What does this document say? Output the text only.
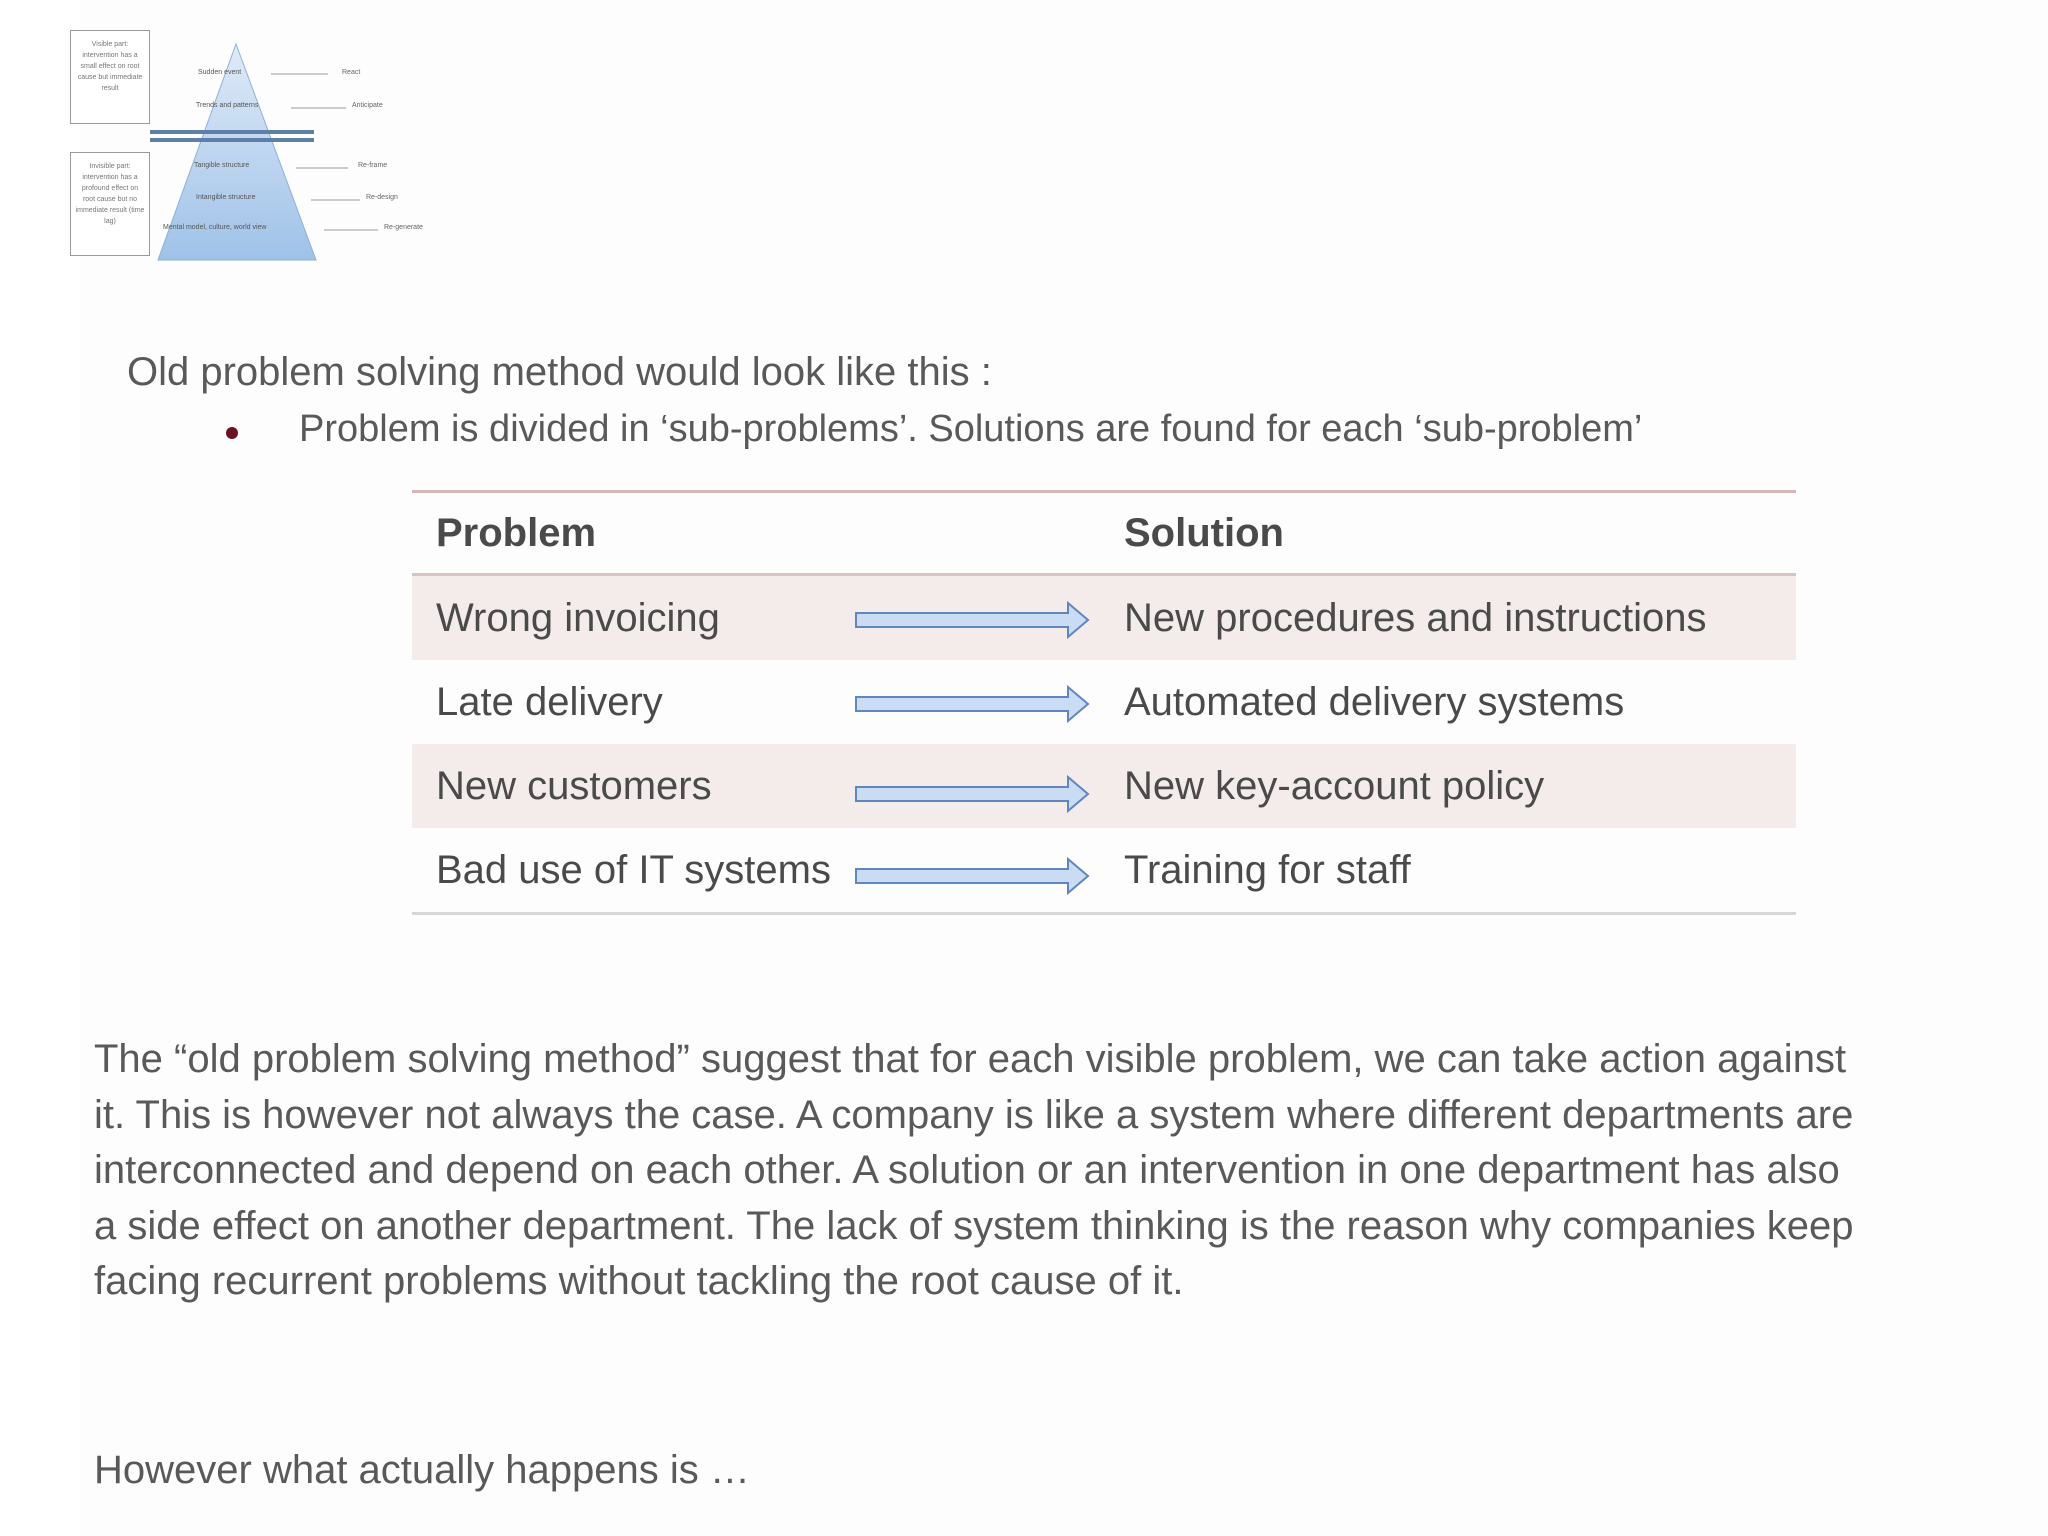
Visible part: intervention has a small effect on root cause but immediate result
Invisible part: intervention has a profound effect on root cause but no immediate result (time lag)
Sudden event
Trends and patterns
Tangible structure
Intangible structure
Mental model, culture, world view
React
Anticipate
Re-frame
Re-design
Re-generate
Old problem solving method would look like this :
Problem is divided in ‘sub-problems’. Solutions are found for each ‘sub-problem’
Problem	Solution
Wrong invoicing	New procedures and instructions
Late delivery	Automated delivery systems
New customers	New key-account policy
Bad use of IT systems	Training for staff
The “old problem solving method” suggest that for each visible problem, we can take action against
it. This is however not always the case. A company is like a system where different departments are
interconnected and depend on each other. A solution or an intervention in one department has also
a side effect on another department. The lack of system thinking is the reason why companies keep
facing recurrent problems without tackling the root cause of it.
However what actually happens is …
